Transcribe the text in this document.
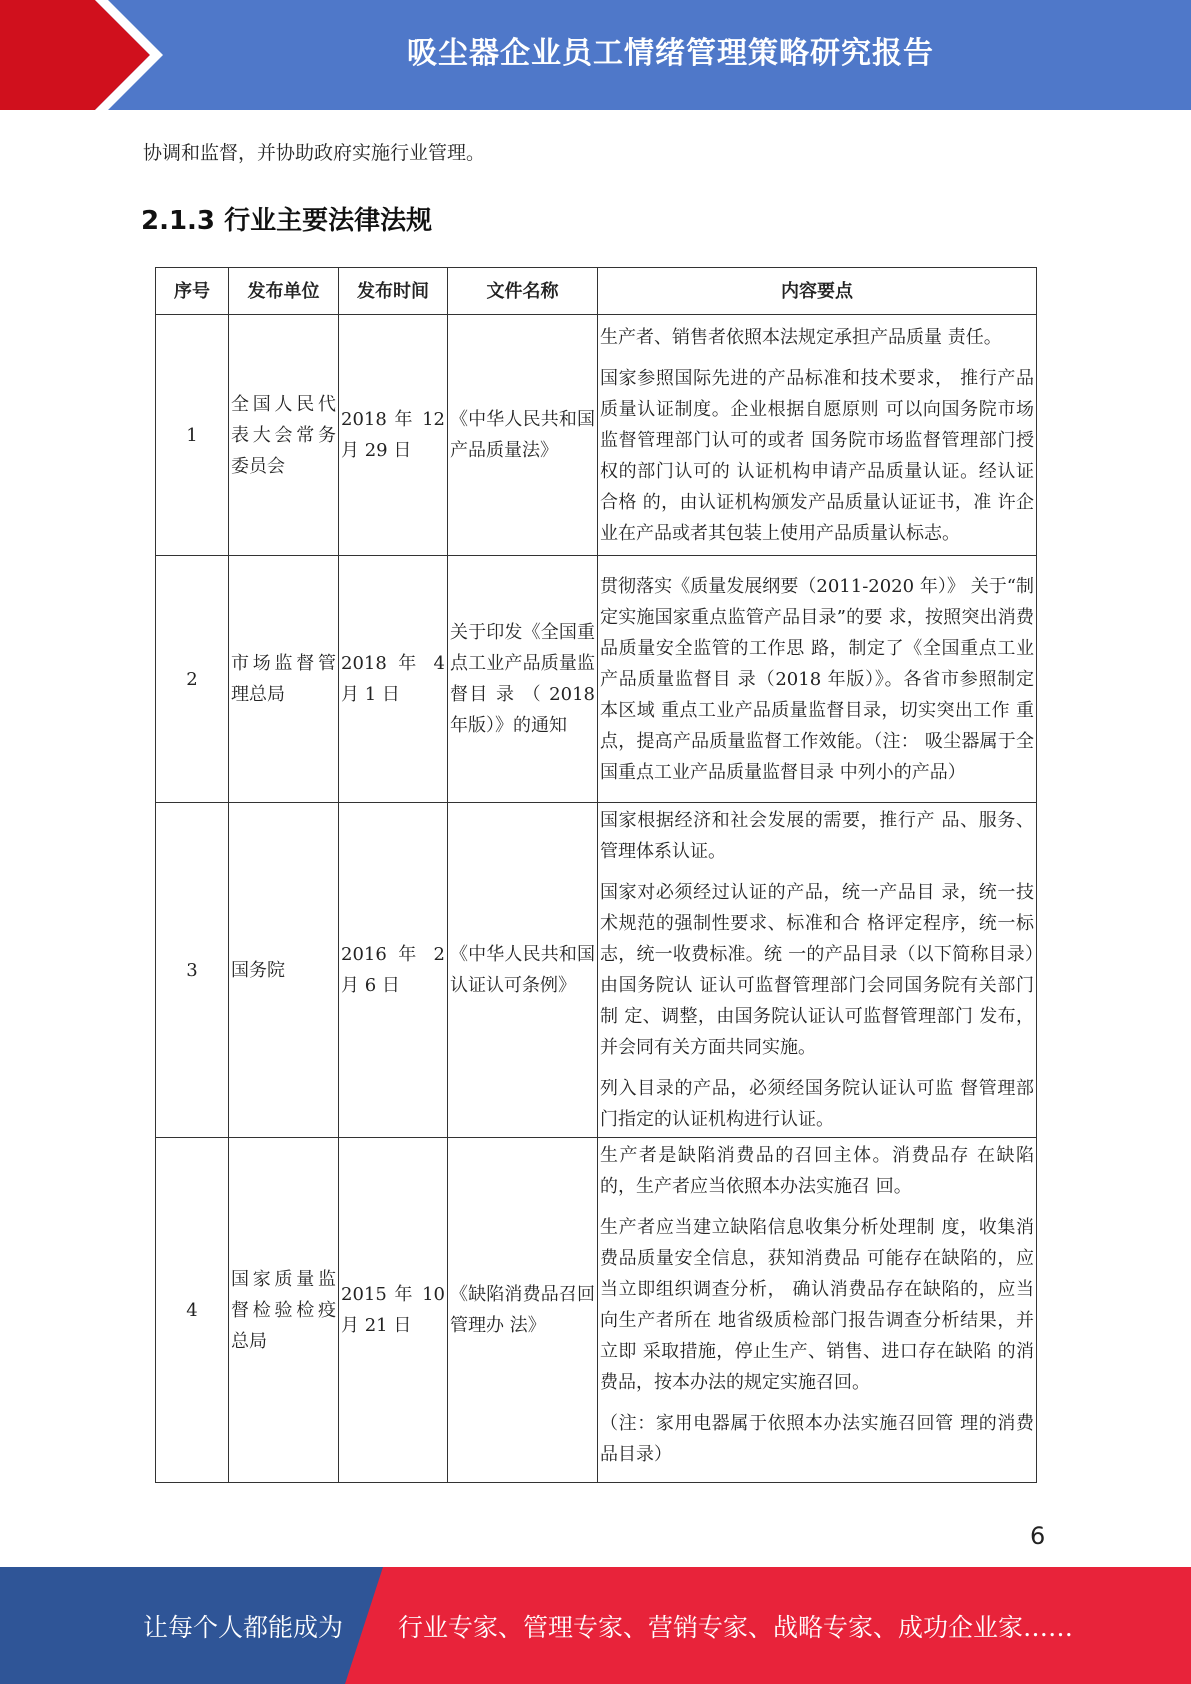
吸尘器企业员工情绪管理策略研究报告
协调和监督，并协助政府实施行业管理。
2.1.3 行业主要法律法规
序号	发布单位	发布时间	文件名称	内容要点
1	全国人民代表大会常务委员会	2018 年 12 月 29 日	《中华人民共和国产品质量法》	生产者、销售者依照本法规定承担产品质量 责任。

国家参照国际先进的产品标准和技术要求， 推行产品质量认证制度。企业根据自愿原则 可以向国务院市场监督管理部门认可的或者 国务院市场监督管理部门授权的部门认可的 认证机构申请产品质量认证。经认证合格 的，由认证机构颁发产品质量认证证书，准 许企业在产品或者其包装上使用产品质量认标志。

2	市场监督管理总局	2018 年 4 月 1 日	关于印发《全国重点工业产品质量监督目 录 （ 2018 年版）》的通知	贯彻落实《质量发展纲要（2011-2020 年）》 关于“制定实施国家重点监管产品目录”的要 求，按照突出消费品质量安全监管的工作思 路，制定了《全国重点工业产品质量监督目 录（2018 年版）》。各省市参照制定本区域 重点工业产品质量监督目录，切实突出工作 重点，提高产品质量监督工作效能。（注： 吸尘器属于全国重点工业产品质量监督目录 中列小的产品）

3	国务院	2016 年 2 月 6 日	《中华人民共和国认证认可条例》	国家根据经济和社会发展的需要，推行产 品、服务、管理体系认证。

国家对必须经过认证的产品，统一产品目 录，统一技术规范的强制性要求、标准和合 格评定程序，统一标志，统一收费标准。统 一的产品目录（以下简称目录）由国务院认 证认可监督管理部门会同国务院有关部门制 定、调整，由国务院认证认可监督管理部门 发布，并会同有关方面共同实施。

列入目录的产品，必须经国务院认证认可监 督管理部门指定的认证机构进行认证。

4	国家质量监督检验检疫总局	2015 年 10 月 21 日	《缺陷消费品召回管理办 法》	生产者是缺陷消费品的召回主体。消费品存 在缺陷的，生产者应当依照本办法实施召 回。

生产者应当建立缺陷信息收集分析处理制 度，收集消费品质量安全信息，获知消费品 可能存在缺陷的，应当立即组织调查分析， 确认消费品存在缺陷的，应当向生产者所在 地省级质检部门报告调查分析结果，并立即 采取措施，停止生产、销售、进口存在缺陷 的消费品，按本办法的规定实施召回。

（注：家用电器属于依照本办法实施召回管 理的消费品目录）

6
让每个人都能成为 行业专家、管理专家、营销专家、战略专家、成功企业家……
